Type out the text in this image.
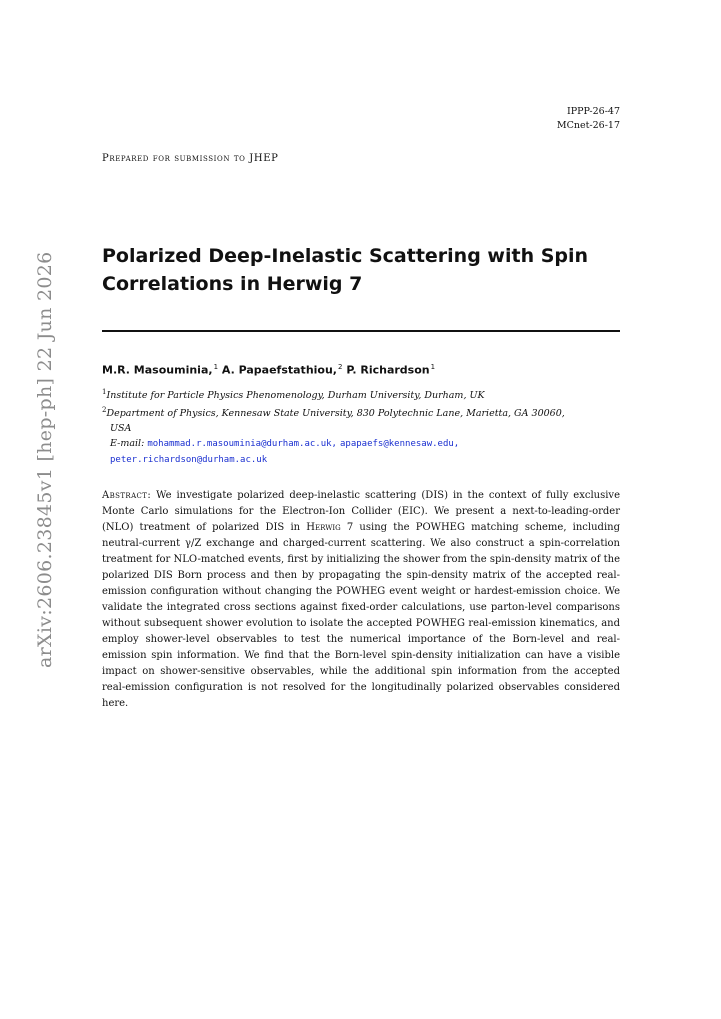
arXiv:2606.23845v1 [hep-ph] 22 Jun 2026
IPPP-26-47
MCnet-26-17
Prepared for submission to JHEP
Polarized Deep-Inelastic Scattering with Spin
Correlations in Herwig 7
M.R. Masouminia,$^1$ A. Papaefstathiou,$^2$ P. Richardson$^1$
$^1$Institute for Particle Physics Phenomenology, Durham University, Durham, UK
$^2$Department of Physics, Kennesaw State University, 830 Polytechnic Lane, Marietta, GA 30060,
USA
E-mail: mohammad.r.masouminia@durham.ac.uk, apapaefs@kennesaw.edu,
peter.richardson@durham.ac.uk
Abstract: We investigate polarized deep-inelastic scattering (DIS) in the context of fully exclusive Monte Carlo simulations for the Electron-Ion Collider (EIC). We present a next-to-leading-order (NLO) treatment of polarized DIS in Herwig 7 using the POWHEG matching scheme, including neutral-current γ/Z exchange and charged-current scattering. We also construct a spin-correlation treatment for NLO-matched events, first by initializing the shower from the spin-density matrix of the polarized DIS Born process and then by propagating the spin-density matrix of the accepted real-emission configuration without changing the POWHEG event weight or hardest-emission choice. We validate the integrated cross sections against fixed-order calculations, use parton-level comparisons without subsequent shower evolution to isolate the accepted POWHEG real-emission kinematics, and employ shower-level observables to test the numerical importance of the Born-level and real-emission spin information. We find that the Born-level spin-density initialization can have a visible impact on shower-sensitive observables, while the additional spin information from the accepted real-emission configuration is not resolved for the longitudinally polarized observables considered here.
